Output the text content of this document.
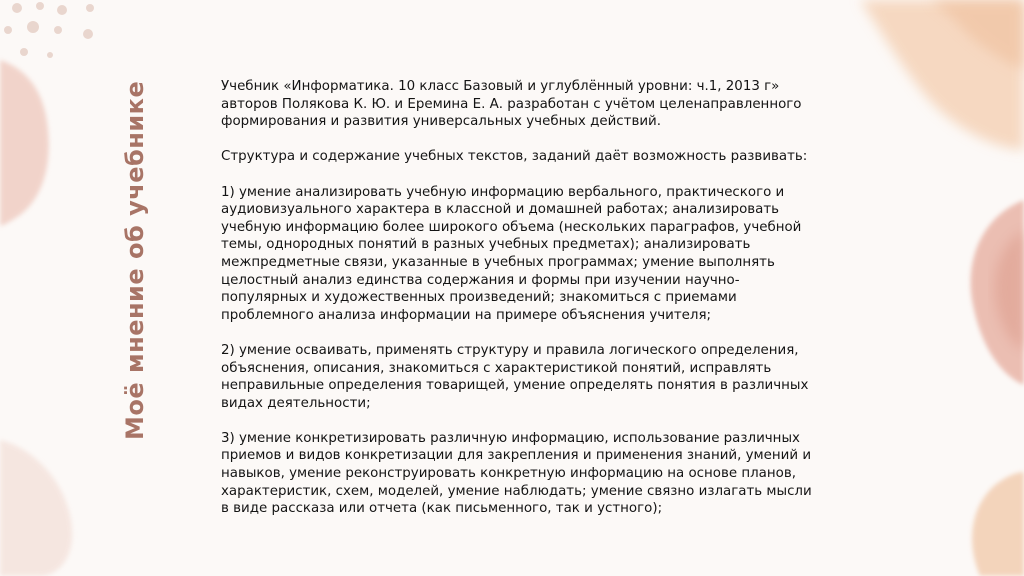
Моё мнение об учебнике	Учебник «Информатика. 10 класс Базовый и углублённый уровни: ч.1, 2013 г»
авторов Полякова К. Ю. и Еремина Е. А. разработан с учётом целенаправленного
формирования и развития универсальных учебных действий.

Структура и содержание учебных текстов, заданий даёт возможность развивать:

1) умение анализировать учебную информацию вербального, практического и
аудиовизуального характера в классной и домашней работах; анализировать
учебную информацию более широкого объема (нескольких параграфов, учебной
темы, однородных понятий в разных учебных предметах); анализировать
межпредметные связи, указанные в учебных программах; умение выполнять
целостный анализ единства содержания и формы при изучении научно-
популярных и художественных произведений; знакомиться с приемами
проблемного анализа информации на примере объяснения учителя;

2) умение осваивать, применять структуру и правила логического определения,
объяснения, описания, знакомиться с характеристикой понятий, исправлять
неправильные определения товарищей, умение определять понятия в различных
видах деятельности;

3) умение конкретизировать различную информацию, использование различных
приемов и видов конкретизации для закрепления и применения знаний, умений и
навыков, умение реконструировать конкретную информацию на основе планов,
характеристик, схем, моделей, умение наблюдать; умение связно излагать мысли
в виде рассказа или отчета (как письменного, так и устного);
